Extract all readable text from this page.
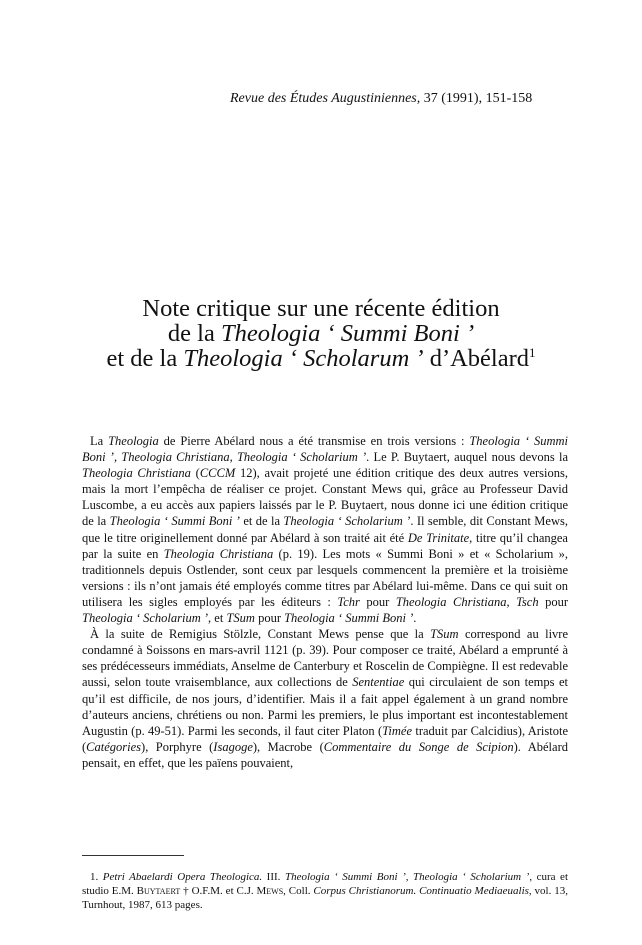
Revue des Études Augustiniennes, 37 (1991), 151-158
Note critique sur une récente édition
de la Theologia ‘ Summi Boni ’
et de la Theologia ‘ Scholarum ’ d’Abélard$^1$

La Theologia de Pierre Abélard nous a été transmise en trois versions : Theologia ‘ Summi Boni ’, Theologia Christiana, Theologia ‘ Scholarium ’. Le P. Buytaert, auquel nous devons la Theologia Christiana (CCCM 12), avait projeté une édition critique des deux autres versions, mais la mort l’empêcha de réaliser ce projet. Constant Mews qui, grâce au Professeur David Luscombe, a eu accès aux papiers laissés par le P. Buytaert, nous donne ici une édition critique de la Theologia ‘ Summi Boni ’ et de la Theologia ‘ Scholarium ’. Il semble, dit Constant Mews, que le titre originellement donné par Abélard à son traité ait été De Trinitate, titre qu’il changea par la suite en Theologia Christiana (p. 19). Les mots « Summi Boni » et « Scholarium », traditionnels depuis Ostlender, sont ceux par lesquels commencent la première et la troisième versions : ils n’ont jamais été employés comme titres par Abélard lui-même. Dans ce qui suit on utilisera les sigles employés par les éditeurs : Tchr pour Theologia Christiana, Tsch pour Theologia ‘ Scholarium ’, et TSum pour Theologia ‘ Summi Boni ’.

À la suite de Remigius Stölzle, Constant Mews pense que la TSum correspond au livre condamné à Soissons en mars-avril 1121 (p. 39). Pour composer ce traité, Abélard a emprunté à ses prédécesseurs immédiats, Anselme de Canterbury et Roscelin de Compiègne. Il est redevable aussi, selon toute vraisemblance, aux collections de Sententiae qui circulaient de son temps et qu’il est difficile, de nos jours, d’identifier. Mais il a fait appel également à un grand nombre d’auteurs anciens, chrétiens ou non. Parmi les premiers, le plus important est incontestablement Augustin (p. 49-51). Parmi les seconds, il faut citer Platon (Timée traduit par Calcidius), Aristote (Catégories), Porphyre (Isagoge), Macrobe (Commentaire du Songe de Scipion). Abélard pensait, en effet, que les païens pouvaient,

1. Petri Abaelardi Opera Theologica. III. Theologia ‘ Summi Boni ’, Theologia ‘ Scholarium ’, cura et studio E.M. Buytaert † O.F.M. et C.J. Mews, Coll. Corpus Christianorum. Continuatio Mediaeualis, vol. 13, Turnhout, 1987, 613 pages.
